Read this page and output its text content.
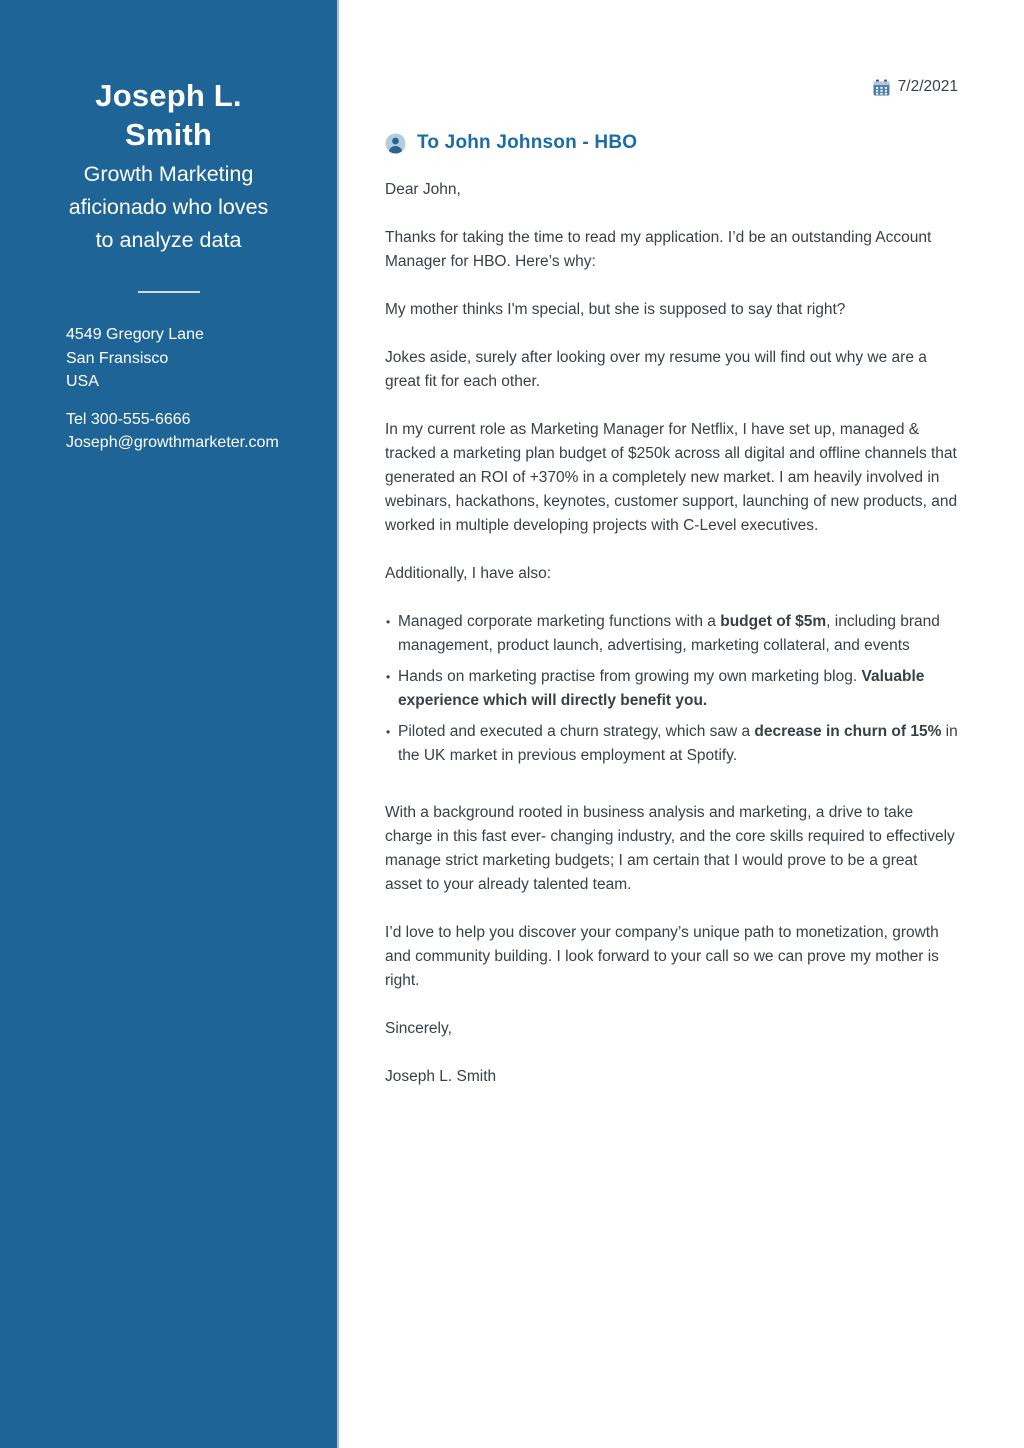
Joseph L.
Smith
Growth Marketing
aficionado who loves
to analyze data
4549 Gregory Lane
San Fransisco
USA
Tel 300-555-6666
Joseph@growthmarketer.com
7/2/2021
To John Johnson - HBO

Dear John,

Thanks for taking the time to read my application. I’d be an outstanding Account Manager for HBO. Here’s why:

My mother thinks I'm special, but she is supposed to say that right?

Jokes aside, surely after looking over my resume you will find out why we are a great fit for each other.

In my current role as Marketing Manager for Netflix, I have set up, managed & tracked a marketing plan budget of $250k across all digital and offline channels that generated an ROI of +370% in a completely new market. I am heavily involved in webinars, hackathons, keynotes, customer support, launching of new products, and worked in multiple developing projects with C-Level executives.

Additionally, I have also:

• Managed corporate marketing functions with a budget of $5m, including brand management, product launch, advertising, marketing collateral, and events
• Hands on marketing practise from growing my own marketing blog. Valuable experience which will directly benefit you.
• Piloted and executed a churn strategy, which saw a decrease in churn of 15% in the UK market in previous employment at Spotify.

With a background rooted in business analysis and marketing, a drive to take charge in this fast ever- changing industry, and the core skills required to effectively manage strict marketing budgets; I am certain that I would prove to be a great asset to your already talented team.

I’d love to help you discover your company’s unique path to monetization, growth and community building. I look forward to your call so we can prove my mother is right.

Sincerely,

Joseph L. Smith
